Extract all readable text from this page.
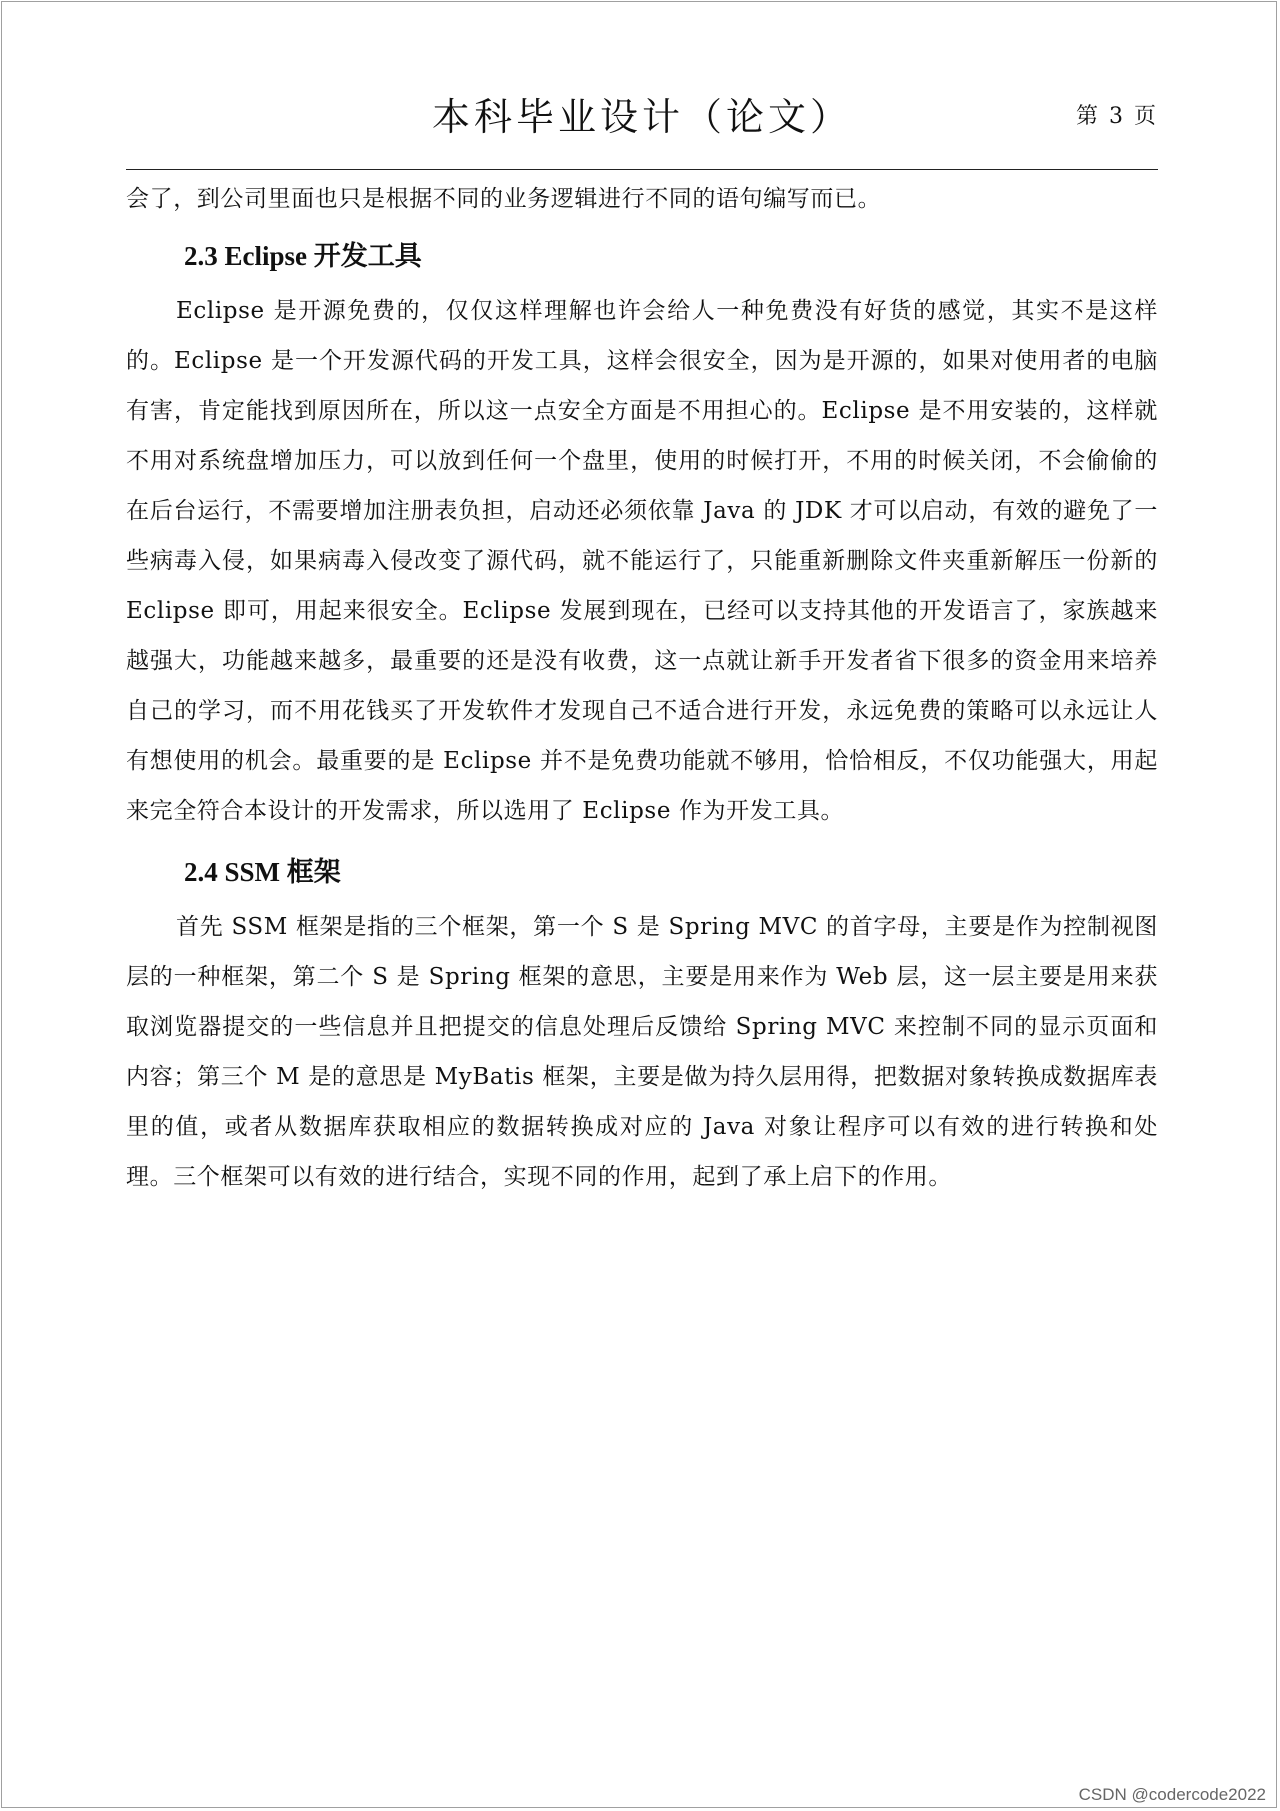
本科毕业设计（论文）	第 3 页

会了，到公司里面也只是根据不同的业务逻辑进行不同的语句编写而已。

2.3 Eclipse 开发工具

Eclipse 是开源免费的，仅仅这样理解也许会给人一种免费没有好货的感觉，其实不是这样的。Eclipse 是一个开发源代码的开发工具，这样会很安全，因为是开源的，如果对使用者的电脑有害，肯定能找到原因所在，所以这一点安全方面是不用担心的。Eclipse 是不用安装的，这样就不用对系统盘增加压力，可以放到任何一个盘里，使用的时候打开，不用的时候关闭，不会偷偷的在后台运行，不需要增加注册表负担，启动还必须依靠 Java 的 JDK 才可以启动，有效的避免了一些病毒入侵，如果病毒入侵改变了源代码，就不能运行了，只能重新删除文件夹重新解压一份新的 Eclipse 即可，用起来很安全。Eclipse 发展到现在，已经可以支持其他的开发语言了，家族越来越强大，功能越来越多，最重要的还是没有收费，这一点就让新手开发者省下很多的资金用来培养自己的学习，而不用花钱买了开发软件才发现自己不适合进行开发，永远免费的策略可以永远让人有想使用的机会。最重要的是 Eclipse 并不是免费功能就不够用，恰恰相反，不仅功能强大，用起来完全符合本设计的开发需求，所以选用了 Eclipse 作为开发工具。

2.4 SSM 框架

首先 SSM 框架是指的三个框架，第一个 S 是 Spring MVC 的首字母，主要是作为控制视图层的一种框架，第二个 S 是 Spring 框架的意思，主要是用来作为 Web 层，这一层主要是用来获取浏览器提交的一些信息并且把提交的信息处理后反馈给 Spring MVC 来控制不同的显示页面和内容；第三个 M 是的意思是 MyBatis 框架，主要是做为持久层用得，把数据对象转换成数据库表里的值，或者从数据库获取相应的数据转换成对应的 Java 对象让程序可以有效的进行转换和处理。三个框架可以有效的进行结合，实现不同的作用，起到了承上启下的作用。

CSDN @codercode2022
